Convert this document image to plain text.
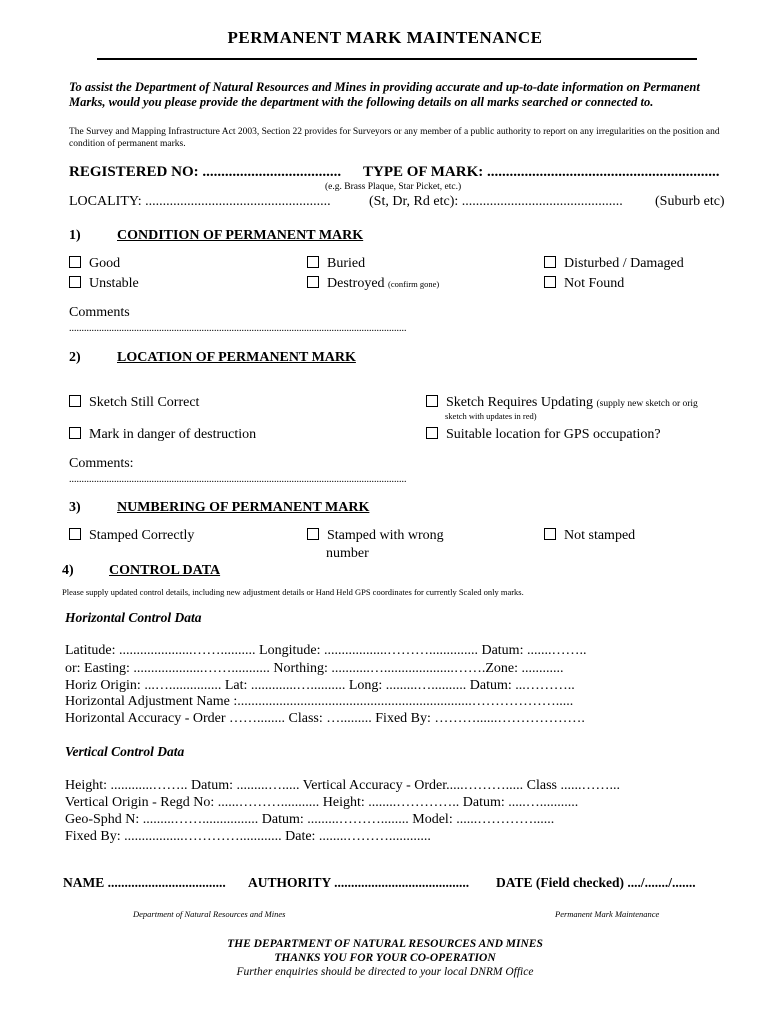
PERMANENT MARK MAINTENANCE
To assist the Department of Natural Resources and Mines in providing accurate and up-to-date information on Permanent Marks, would you please provide the department with the following details on all marks searched or connected to.
The Survey and Mapping Infrastructure Act 2003, Section 22 provides for Surveyors or any member of a public authority to report on any irregularities on the position and condition of permanent marks.
REGISTERED NO: ..................................... TYPE OF MARK: ..............................................................
(e.g. Brass Plaque, Star Picket, etc.)
LOCALITY: .....................................................	(St, Dr, Rd etc): .............................................. (Suburb etc)
1)	CONDITION OF PERMANENT MARK
Good
Unstable
Buried
Destroyed (confirm gone)
Disturbed / Damaged
Not Found
Comments
.......................................................................................................................................
2)	LOCATION OF PERMANENT MARK
Sketch Still Correct	Sketch Requires Updating (supply new sketch or orig
sketch with updates in red)
Mark in danger of destruction	Suitable location for GPS occupation?
Comments:
.......................................................................................................................................
3)	NUMBERING OF PERMANENT MARK
Stamped Correctly	Stamped with wrong
number
Not stamped
4)	CONTROL DATA
Please supply updated control details, including new adjustment details or Hand Held GPS coordinates for currently Scaled only marks.
Horizontal Control Data
Latitude: .....................…….......... Longitude: ..................……….............. Datum: .......……..
or: Easting: ....................……........... Northing: ...........…....................…….Zone: ............
Horiz Origin: ...…............... Lat: .............….......... Long: .........….......... Datum: ...………..
Horizontal Adjustment Name :...................................................................……………….....
Horizontal Accuracy - Order ……........ Class: …......... Fixed By: ………......……………….
Vertical Control Data
Height: ............…….. Datum: .........…..... Vertical Accuracy - Order.....………..... Class ......……...
Vertical Origin - Regd No: ......………........... Height: ........………….. Datum: .....…...........
Geo-Sphd N: .........……................ Datum: .........………........ Model: ......…………......
Fixed By: .................…………............ Date: ........………............
NAME ................................... AUTHORITY ........................................ DATE (Field checked) ..../......./.......
Department of Natural Resources and Mines	Permanent Mark Maintenance
THE DEPARTMENT OF NATURAL RESOURCES AND MINES
THANKS YOU FOR YOUR CO-OPERATION
Further enquiries should be directed to your local DNRM Office
